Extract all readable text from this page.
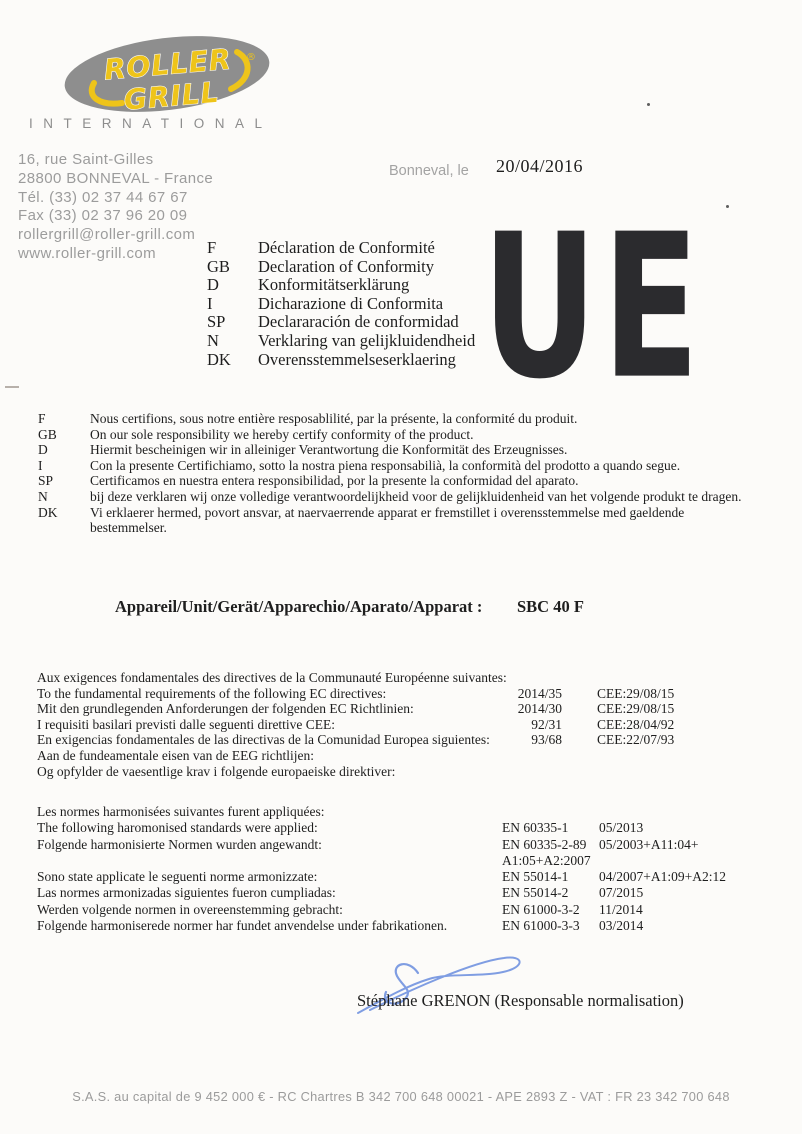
ROLLER ®
GRILL
INTERNATIONAL
16, rue Saint-Gilles
28800 BONNEVAL - France
Tél. (33) 02 37 44 67 67
Fax (33) 02 37 96 20 09
rollergrill@roller-grill.com
www.roller-grill.com
Bonneval, le 20/04/2016
UE
F	Déclaration de Conformité
GB	Declaration of Conformity
D	Konformitätserklärung
I	Dicharazione di Conformita
SP	Declararación de conformidad
N	Verklaring van gelijkluidendheid
DK	Overensstemmelseserklaering
F	Nous certifions, sous notre entière resposablilité, par la présente, la conformité du produit.
GB	On our sole responsibility we hereby certify conformity of the product.
D	Hiermit bescheinigen wir in alleiniger Verantwortung die Konformität des Erzeugnisses.
I	Con la presente Certifichiamo, sotto la nostra piena responsabilià, la conformità del prodotto a quando segue.
SP	Certificamos en nuestra entera responsibilidad, por la presente la conformidad del aparato.
N	bij deze verklaren wij onze volledige verantwoordelijkheid voor de gelijkluidenheid van het volgende produkt te dragen.
DK	Vi erklaerer hermed, povort ansvar, at naervaerrende apparat er fremstillet i overensstemmelse med gaeldende bestemmelser.
Appareil/Unit/Gerät/Apparechio/Aparato/Apparat :	SBC 40 F
Aux exigences fondamentales des directives de la Communauté Européenne suivantes:
To the fundamental requirements of the following EC directives:	2014/35	CEE:29/08/15
Mit den grundlegenden Anforderungen der folgenden EC Richtlinien:	2014/30	CEE:29/08/15
I requisiti basilari previsti dalle seguenti direttive CEE:	92/31	CEE:28/04/92
En exigencias fondamentales de las directivas de la Comunidad Europea siguientes:	93/68	CEE:22/07/93
Aan de fundeamentale eisen van de EEG richtlijen:
Og opfylder de vaesentlige krav i folgende europaeiske direktiver:
Les normes harmonisées suivantes furent appliquées:
The following haromonised standards were applied:	EN 60335-1	05/2013
Folgende harmonisierte Normen wurden angewandt:	EN 60335-2-89 05/2003+A11:04+
A1:05+A2:2007
Sono state applicate le seguenti norme armonizzate:	EN 55014-1	04/2007+A1:09+A2:12
Las normes armonizadas siguientes fueron cumpliadas:	EN 55014-2	07/2015
Werden volgende normen in overeenstemming gebracht:	EN 61000-3-2	11/2014
Folgende harmoniserede normer har fundet anvendelse under fabrikationen.	EN 61000-3-3	03/2014
Stéphane GRENON (Responsable normalisation)
S.A.S. au capital de 9 452 000 € - RC Chartres B 342 700 648 00021 - APE 2893 Z - VAT : FR 23 342 700 648
